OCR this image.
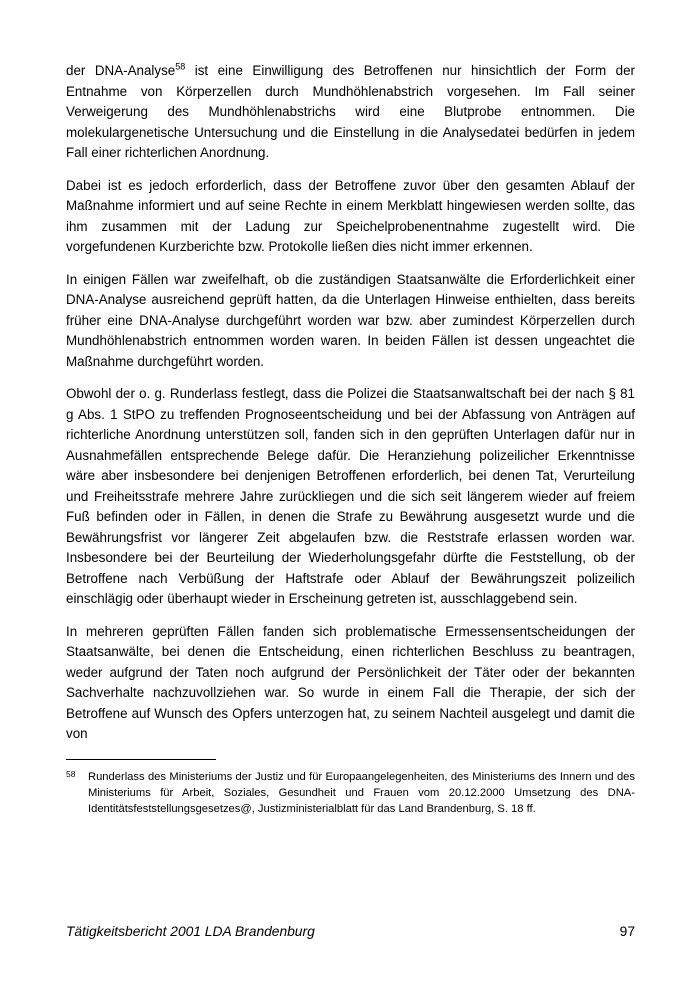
der DNA-Analyse$^{58}$ ist eine Einwilligung des Betroffenen nur hinsichtlich der Form der Entnahme von Körperzellen durch Mundhöhlenabstrich vorgesehen. Im Fall seiner Verweigerung des Mundhöhlenabstrichs wird eine Blutprobe entnommen. Die molekulargenetische Untersuchung und die Einstellung in die Analysedatei bedürfen in jedem Fall einer richterlichen Anordnung.

Dabei ist es jedoch erforderlich, dass der Betroffene zuvor über den gesamten Ablauf der Maßnahme informiert und auf seine Rechte in einem Merkblatt hingewiesen werden sollte, das ihm zusammen mit der Ladung zur Speichelprobenentnahme zugestellt wird. Die vorgefundenen Kurzberichte bzw. Protokolle ließen dies nicht immer erkennen.

In einigen Fällen war zweifelhaft, ob die zuständigen Staatsanwälte die Erforderlichkeit einer DNA-Analyse ausreichend geprüft hatten, da die Unterlagen Hinweise enthielten, dass bereits früher eine DNA-Analyse durchgeführt worden war bzw. aber zumindest Körperzellen durch Mundhöhlenabstrich entnommen worden waren. In beiden Fällen ist dessen ungeachtet die Maßnahme durchgeführt worden.

Obwohl der o. g. Runderlass festlegt, dass die Polizei die Staatsanwaltschaft bei der nach § 81 g Abs. 1 StPO zu treffenden Prognoseentscheidung und bei der Abfassung von Anträgen auf richterliche Anordnung unterstützen soll, fanden sich in den geprüften Unterlagen dafür nur in Ausnahmefällen entsprechende Belege dafür. Die Heranziehung polizeilicher Erkenntnisse wäre aber insbesondere bei denjenigen Betroffenen erforderlich, bei denen Tat, Verurteilung und Freiheitsstrafe mehrere Jahre zurückliegen und die sich seit längerem wieder auf freiem Fuß befinden oder in Fällen, in denen die Strafe zu Bewährung ausgesetzt wurde und die Bewährungsfrist vor längerer Zeit abgelaufen bzw. die Reststrafe erlassen worden war. Insbesondere bei der Beurteilung der Wiederholungsgefahr dürfte die Feststellung, ob der Betroffene nach Verbüßung der Haftstrafe oder Ablauf der Bewährungszeit polizeilich einschlägig oder überhaupt wieder in Erscheinung getreten ist, ausschlaggebend sein.

In mehreren geprüften Fällen fanden sich problematische Ermessensentscheidungen der Staatsanwälte, bei denen die Entscheidung, einen richterlichen Beschluss zu beantragen, weder aufgrund der Taten noch aufgrund der Persönlichkeit der Täter oder der bekannten Sachverhalte nachzuvollziehen war. So wurde in einem Fall die Therapie, der sich der Betroffene auf Wunsch des Opfers unterzogen hat, zu seinem Nachteil ausgelegt und damit die von

58 Runderlass des Ministeriums der Justiz und für Europaangelegenheiten, des Ministeriums des Innern und des Ministeriums für Arbeit, Soziales, Gesundheit und Frauen vom 20.12.2000 Umsetzung des DNA-Identitätsfeststellungsgesetzes@, Justizministerialblatt für das Land Brandenburg, S. 18 ff.
Tätigkeitsbericht 2001 LDA Brandenburg	97
